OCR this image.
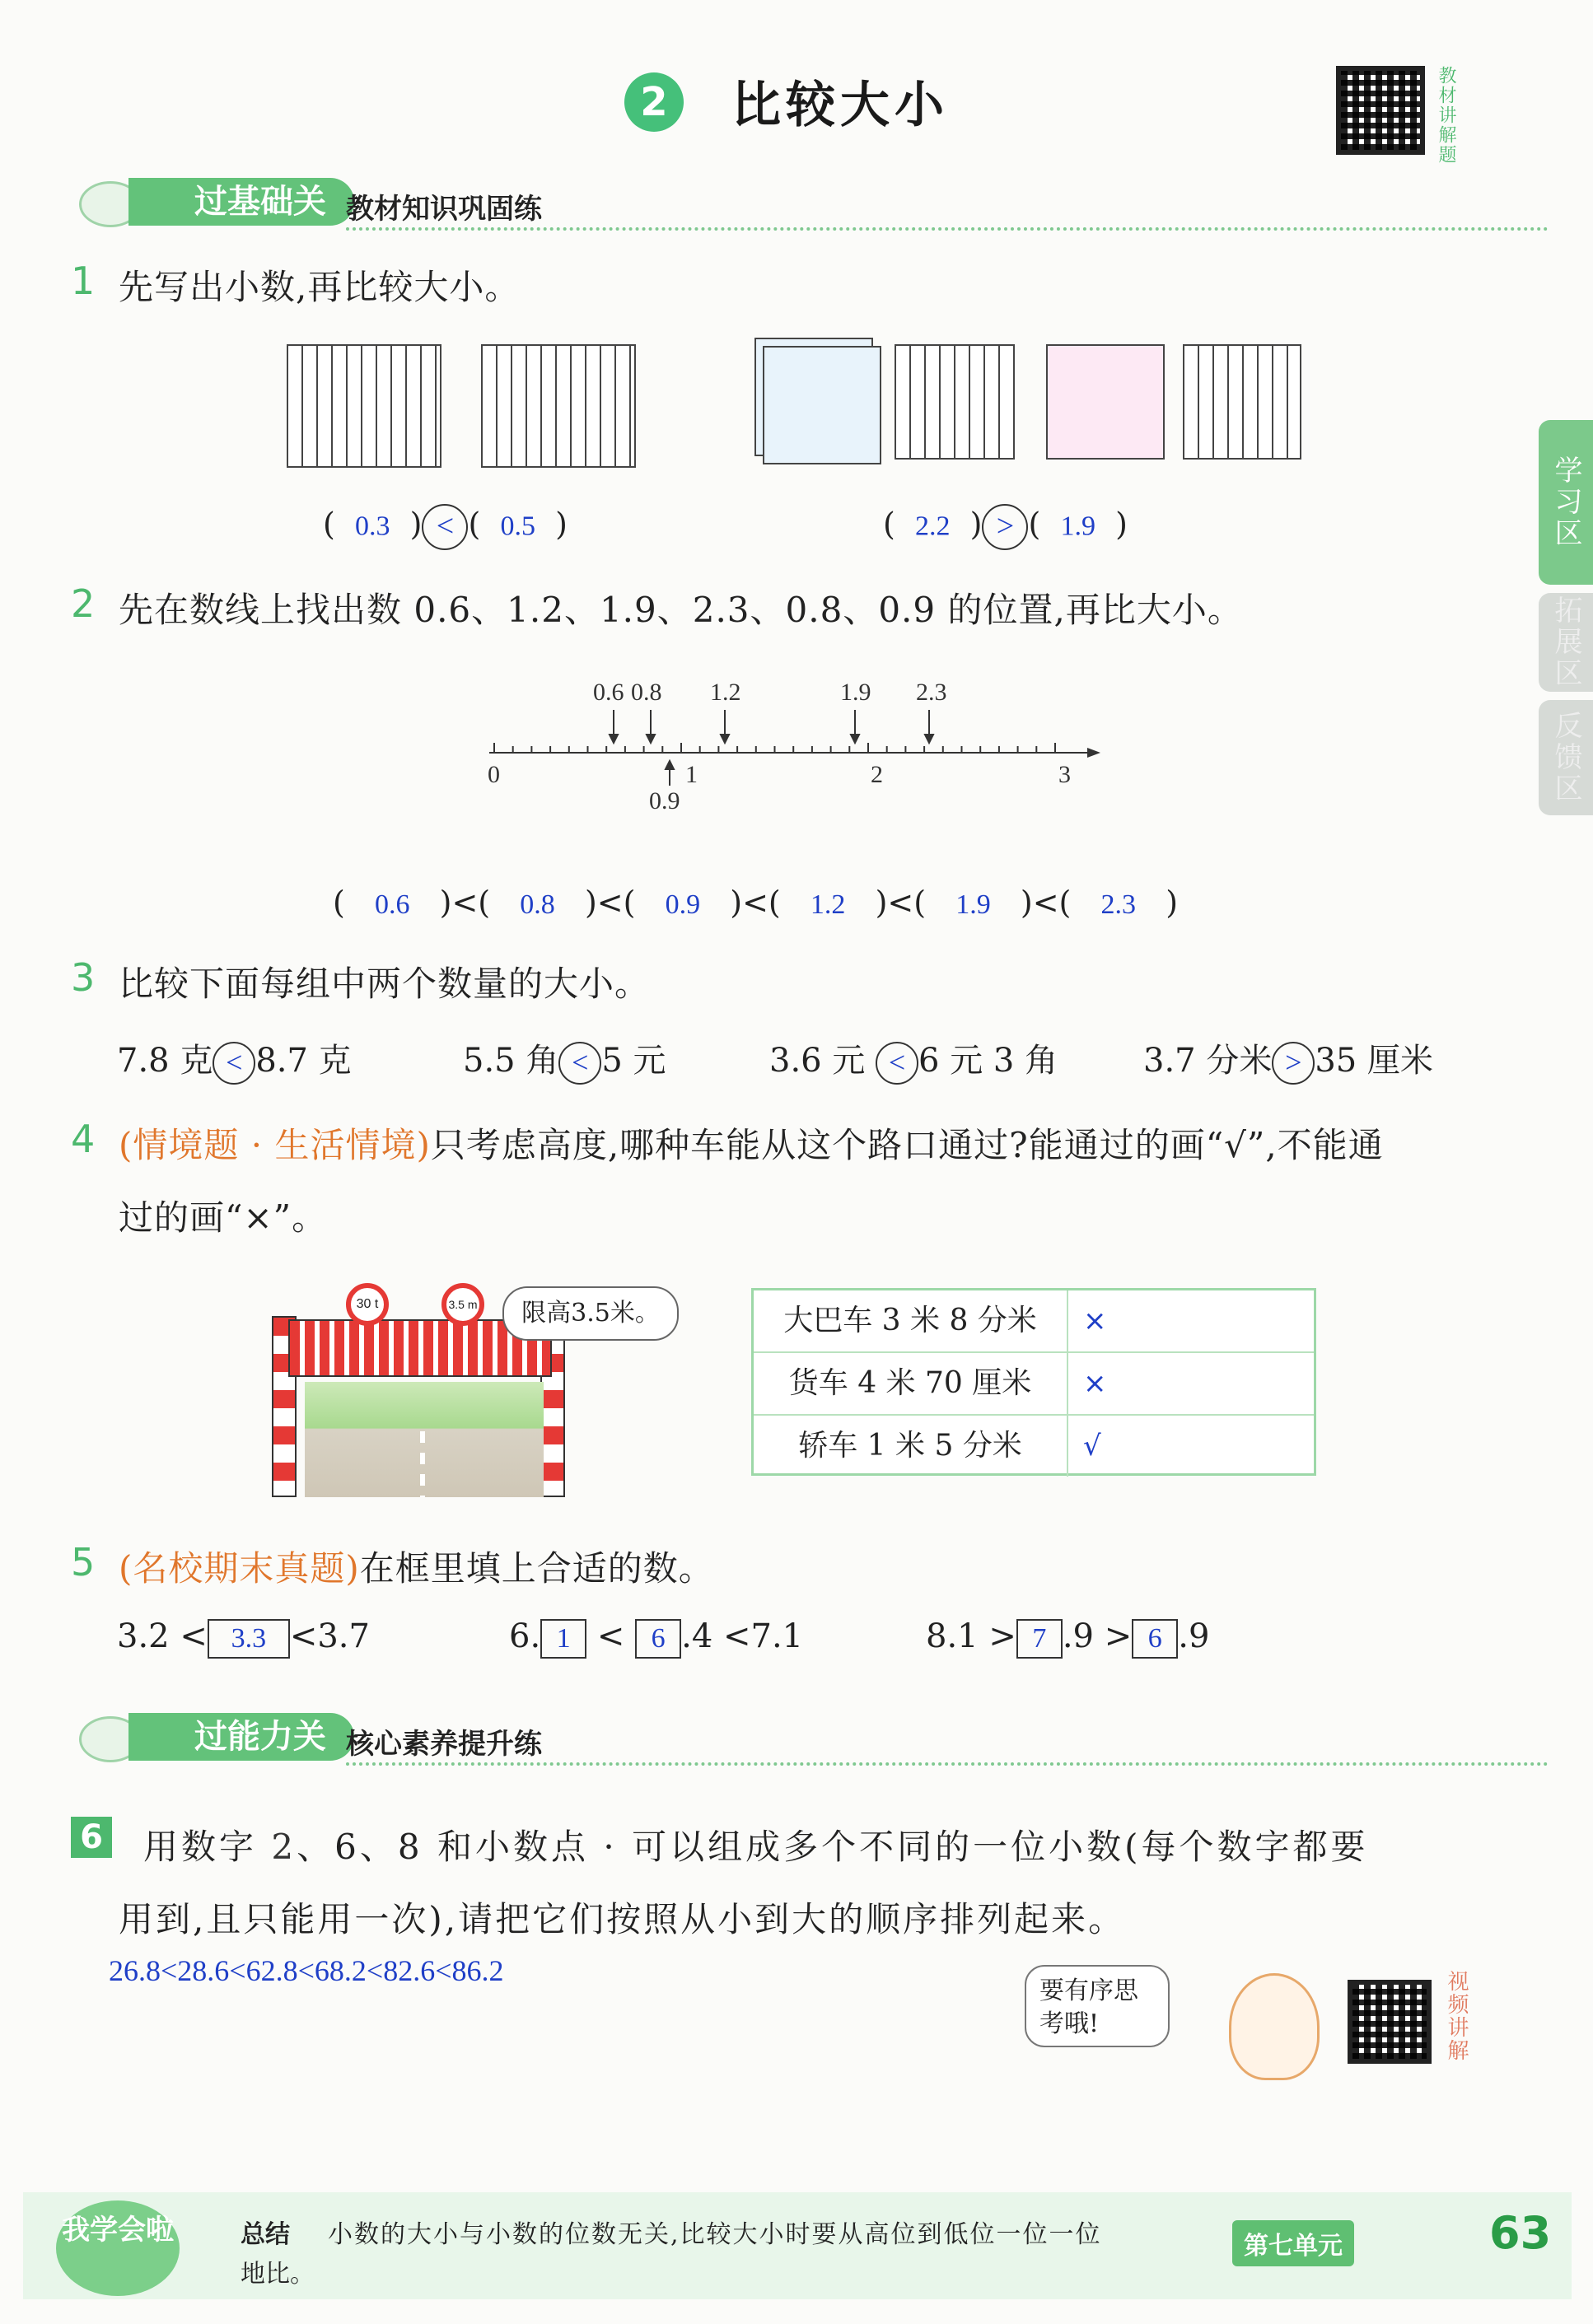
2	比较大小	教材讲解题
学习区
拓展区
反馈区
过基础关 教材知识巩固练
1 先写出小数,再比较大小。
(  0.3  ) < (  0.5  )	(  2.2  ) > (  1.9  )
2 先在数线上找出数 0.6、1.2、1.9、2.3、0.8、0.9 的位置,再比大小。
0	1	2	3
0.6 0.8 1.2	1.9 2.3
0.9
(  0.6  )<(  0.8  )<(  0.9  )<(  1.2  )<(  1.9  )<(  2.3  )
3 比较下面每组中两个数量的大小。
7.8 克 < 8.7 克	5.5 角 < 5 元	3.6 元 < 6 元 3 角	3.7 分米 > 35 厘米
4 (情境题 · 生活情境)只考虑高度,哪种车能从这个路口通过?能通过的画“√”,不能通
过的画“×”。
30 t	3.5 m	限高3.5米。	大巴车 3 米 8 分米	×
货车 4 米 70 厘米	×
轿车 1 米 5 分米	√
5 (名校期末真题)在框里填上合适的数。
3.2 < 3.3 <3.7	6. 1 < 6 .4 <7.1	8.1 > 7 .9 > 6 .9
过能力关 核心素养提升练
6 用数字 2、6、8 和小数点 · 可以组成多个不同的一位小数(每个数字都要
用到,且只能用一次),请把它们按照从小到大的顺序排列起来。
26.8<28.6<62.8<68.2<82.6<86.2
要有序思考哦!	视频讲解
我学会啦	总结 小数的大小与小数的位数无关,比较大小时要从高位到低位一位一位
地比。
第七单元	63
